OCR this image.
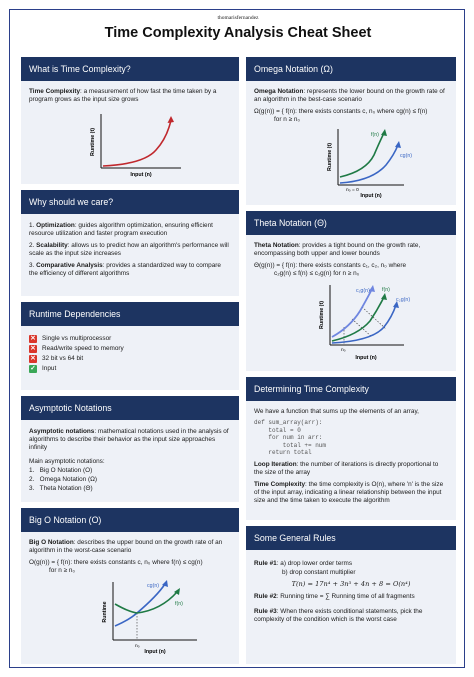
thomarisfernandez
Time Complexity Analysis Cheat Sheet
What is Time Complexity?
Time Complexity: a measurement of how fast the time taken by a program grows as the input size grows
Runtime (t)
Input (n)
Why should we care?
1. Optimization: guides algorithm optimization, ensuring efficient resource utilization and faster program execution
2. Scalability: allows us to predict how an algorithm's performance will scale as the input size increases
3. Comparative Analysis: provides a standardized way to compare the efficiency of different algorithms
Runtime Dependencies
✕ Single vs multiprocessor
✕ Read/write speed to memory
✕ 32 bit vs 64 bit
✓ Input
Asymptotic Notations
Asymptotic notations: mathematical notations used in the analysis of algorithms to describe their behavior as the input size approaches infinity
Main asymptotic notations:
1. Big O Notation (O)
2. Omega Notation (Ω)
3. Theta Notation (Θ)
Big O Notation (O)
Big O Notation: describes the upper bound on the growth rate of an algorithm in the worst-case scenario
O(g(n)) = { f(n): there exists constants c, n₀ where f(n) ≤ cg(n)
for n ≥ n₀
cg(n)
f(n)
n₀
Runtime
Input (n)
Omega Notation (Ω)
Omega Notation: represents the lower bound on the growth rate of an algorithm in the best-case scenario
Ω(g(n)) = { f(n): there exists constants c, n₀ where cg(n) ≤ f(n)
for n ≥ n₀
f(n)
cg(n)
n₀ = 0
Runtime (t)
Input (n)
Theta Notation (Θ)
Theta Notation: provides a tight bound on the growth rate, encompassing both upper and lower bounds
Θ(g(n)) = { f(n): there exists constants c₁, c₂, n₀ where
c₂g(n) ≤ f(n) ≤ c₁g(n) for n ≥ n₀
c₁g(n) f(n)
c₂g(n)
n₀
Runtime (t)
Input (n)
Determining Time Complexity
We have a function that sums up the elements of an array,
def sum_array(arr):
total = 0
for num in arr:
total += num
return total
Loop Iteration: the number of iterations is directly proportional to the size of the array
Time Complexity: the time complexity is O(n), where 'n' is the size of the input array, indicating a linear relationship between the input size and the time taken to execute the algorithm
Some General Rules
Rule #1: a) drop lower order terms
b) drop constant multiplier
T(n) = 17n⁴ + 3n³ + 4n + 8 = O(n⁴)
Rule #2: Running time = ∑ Running time of all fragments
Rule #3: When there exists conditional statements, pick the complexity of the condition which is the worst case
